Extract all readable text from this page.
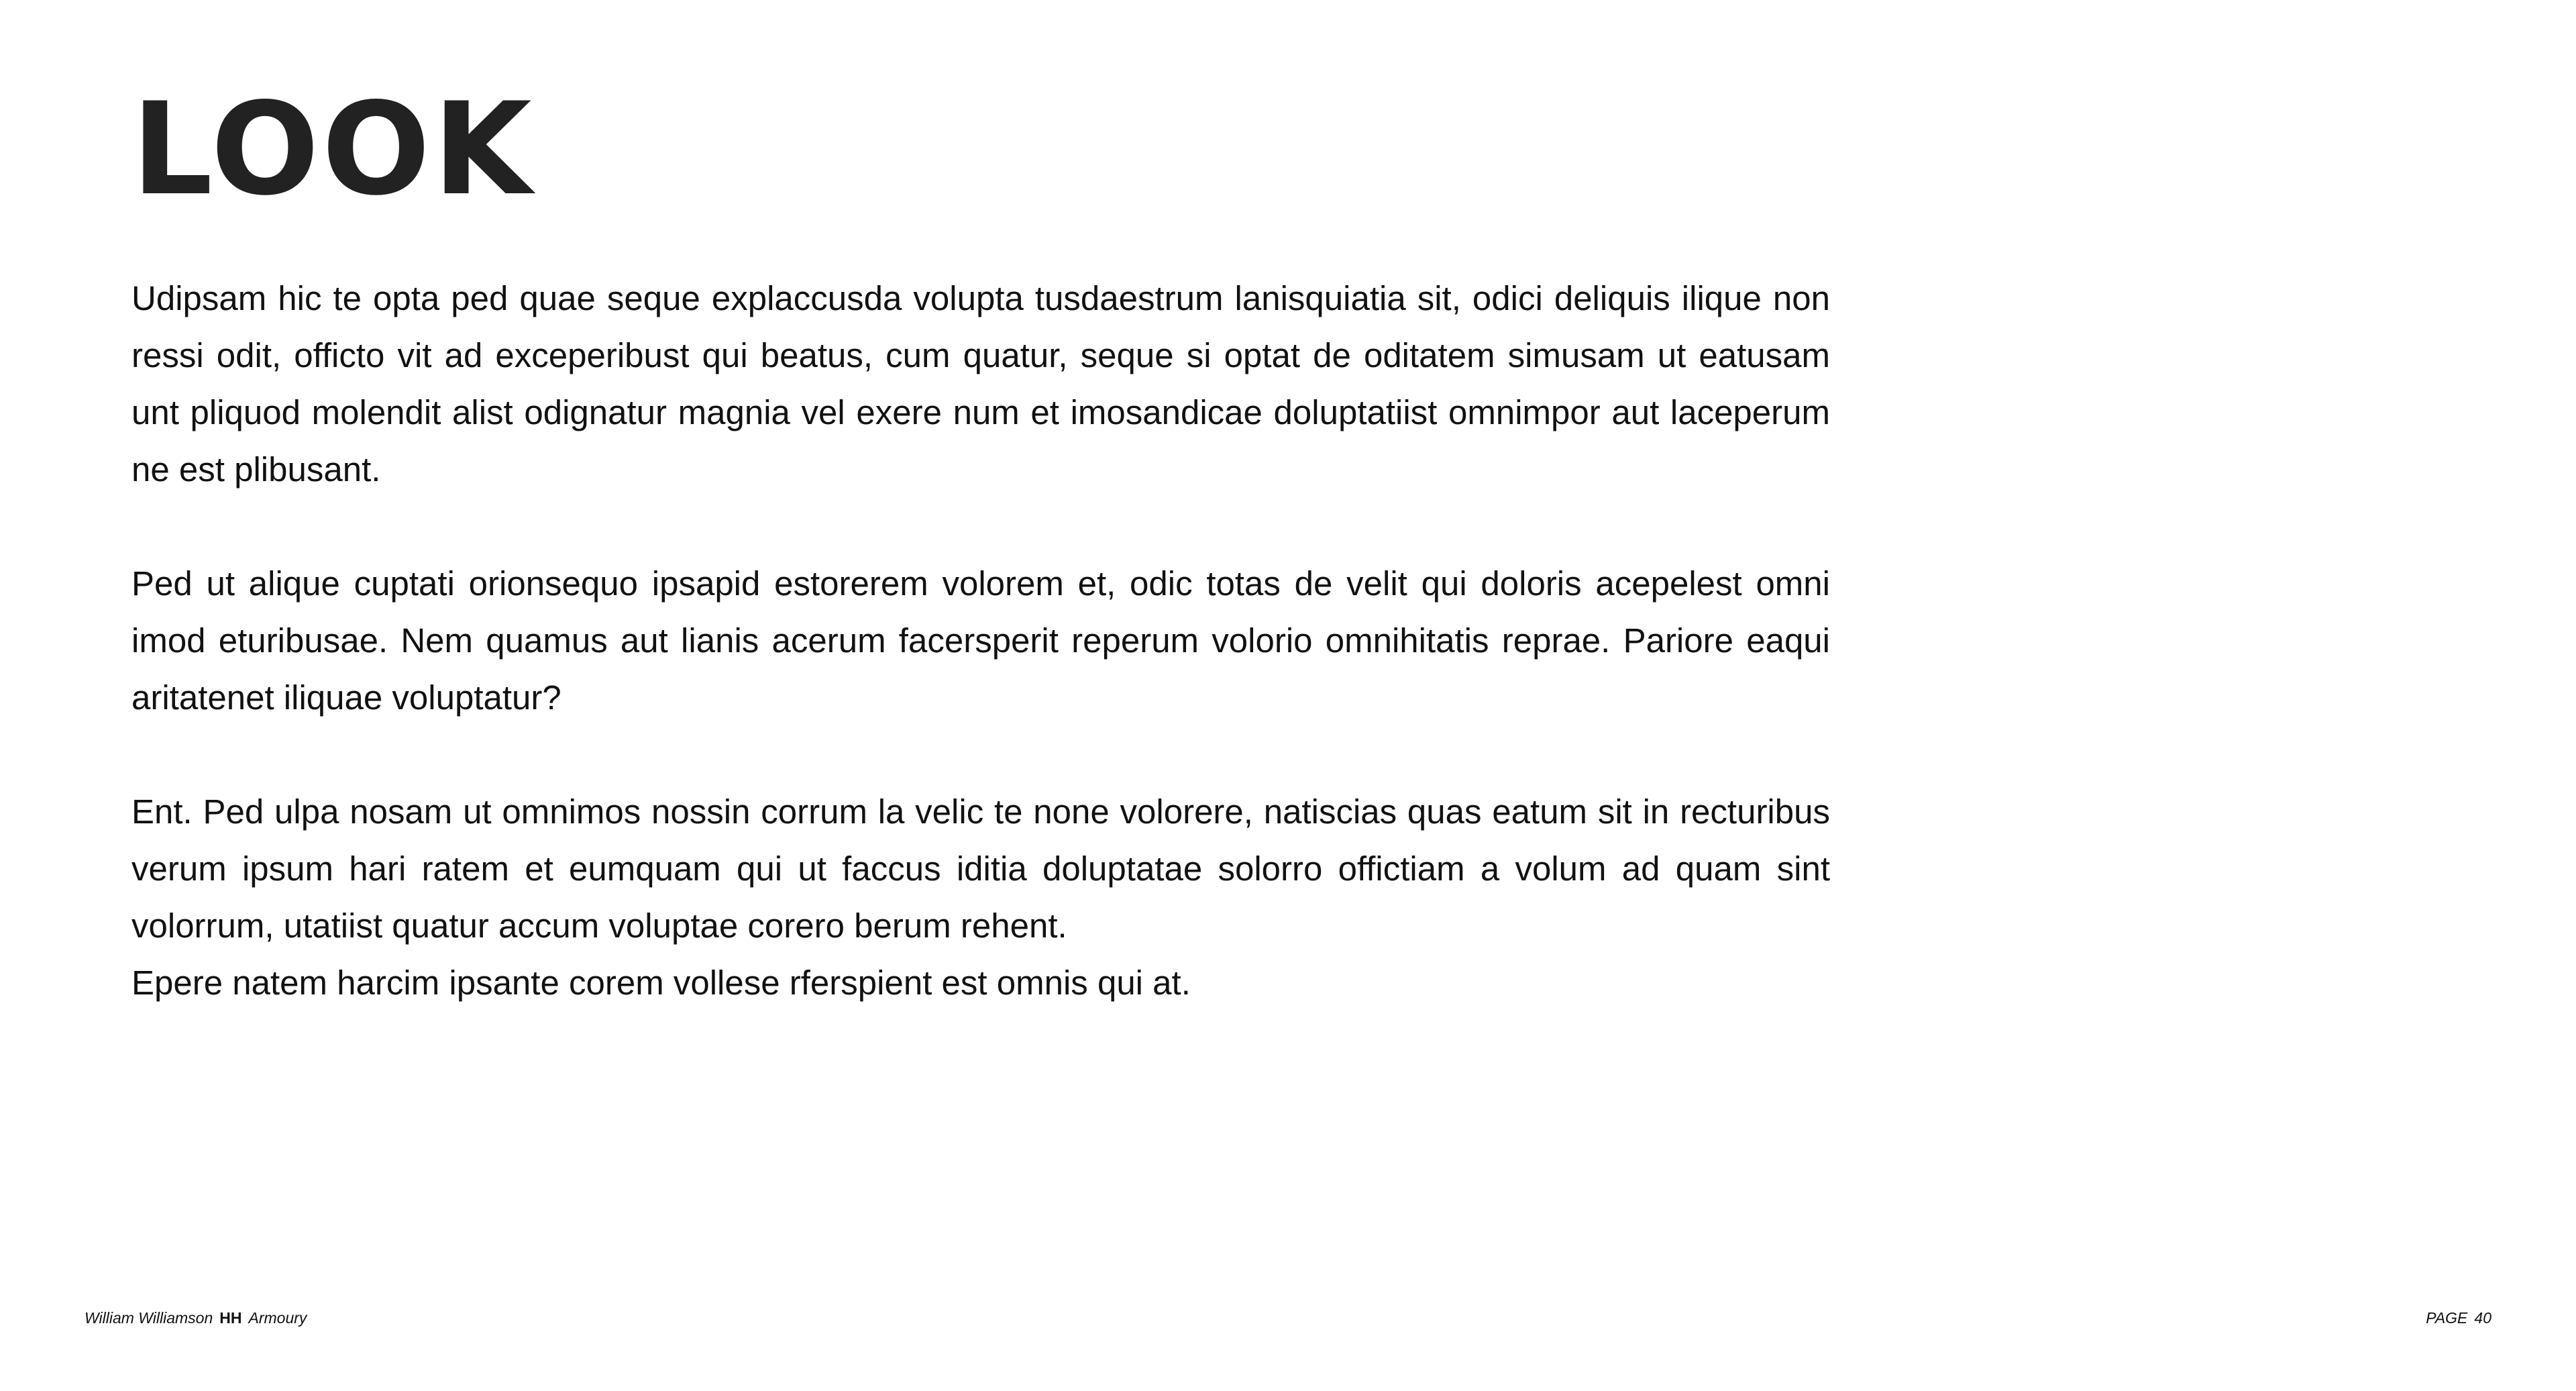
LOOK

Udipsam hic te opta ped quae seque explaccusda volupta tusdaestrum lanisquiatia sit, odici deliquis ilique non ressi odit, officto vit ad exceperibust qui beatus, cum quatur, seque si optat de oditatem simusam ut eatusam unt pliquod molendit alist odignatur magnia vel exere num et imosandicae doluptatiist omnimpor aut laceperum ne est plibusant.

Ped ut alique cuptati orionsequo ipsapid estorerem volorem et, odic totas de velit qui doloris acepelest omni imod eturibusae. Nem quamus aut lianis acerum facersperit reperum volorio omnihitatis reprae. Pariore eaqui aritatenet iliquae voluptatur?

Ent. Ped ulpa nosam ut omnimos nossin corrum la velic te none volorere, natiscias quas eatum sit in recturibus verum ipsum hari ratem et eumquam qui ut faccus iditia doluptatae solorro offictiam a volum ad quam sint volorrum, utatiist quatur accum voluptae corero berum rehent.

Epere natem harcim ipsante corem vollese rferspient est omnis qui at.

William Williamson HH Armoury	PAGE 40
